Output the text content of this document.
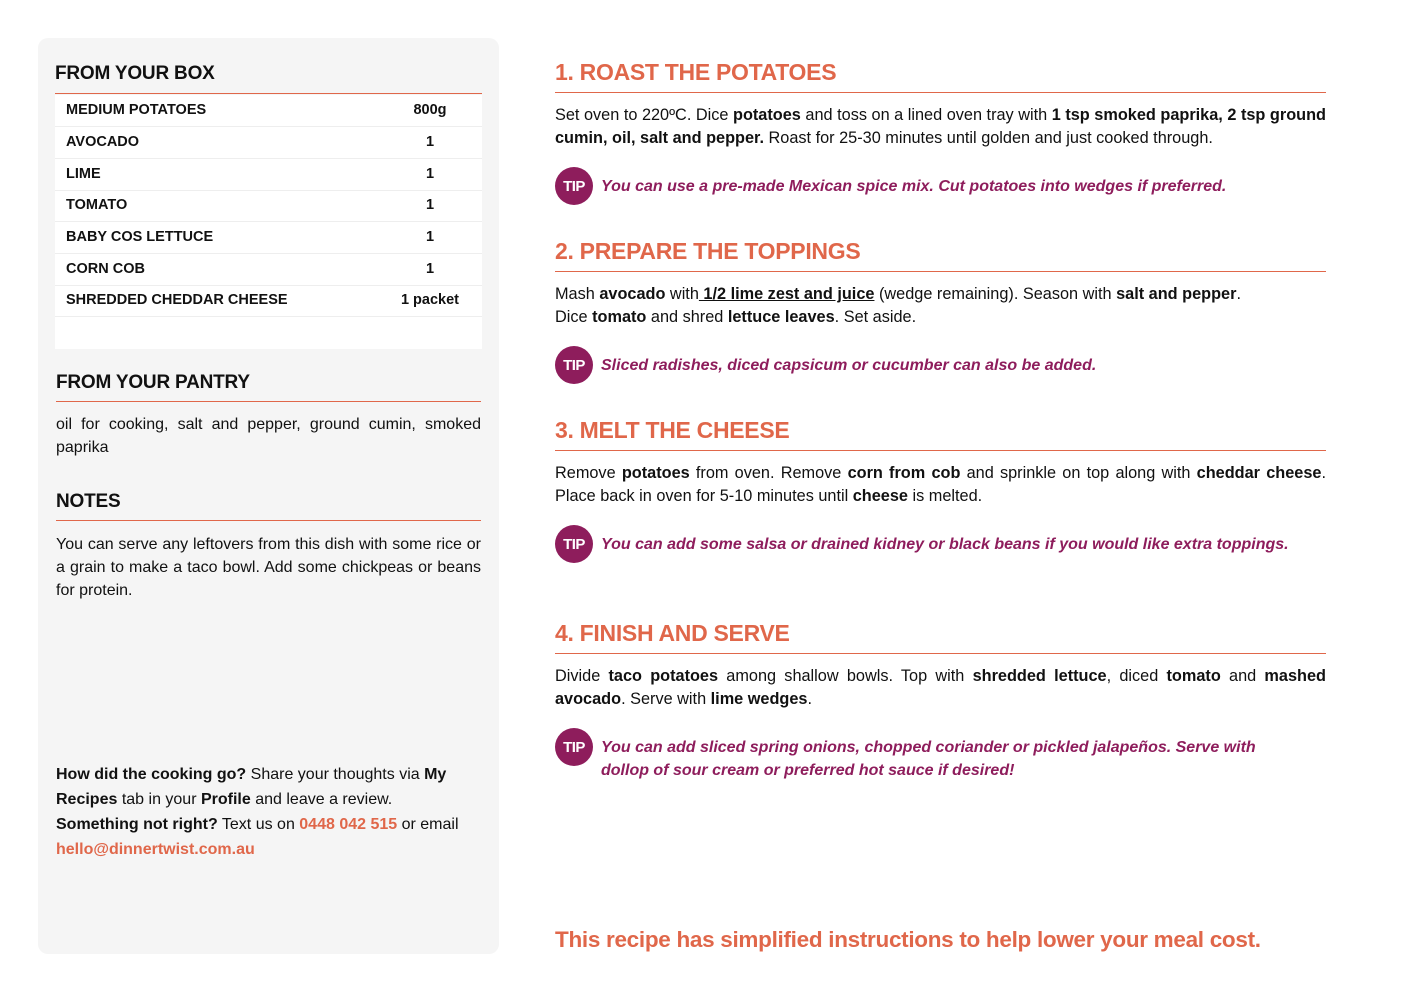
FROM YOUR BOX
MEDIUM POTATOES	800g
AVOCADO	1
LIME	1
TOMATO	1
BABY COS LETTUCE	1
CORN COB	1
SHREDDED CHEDDAR CHEESE	1 packet
FROM YOUR PANTRY
oil for cooking, salt and pepper, ground cumin, smoked paprika
NOTES
You can serve any leftovers from this dish with some rice or a grain to make a taco bowl. Add some chickpeas or beans for protein.
How did the cooking go? Share your thoughts via My Recipes tab in your Profile and leave a review.
Something not right? Text us on 0448 042 515 or email hello@dinnertwist.com.au
1. ROAST THE POTATOES
Set oven to 220ºC. Dice potatoes and toss on a lined oven tray with 1 tsp smoked paprika, 2 tsp ground cumin, oil, salt and pepper. Roast for 25-30 minutes until golden and just cooked through.
TIP	You can use a pre-made Mexican spice mix. Cut potatoes into wedges if preferred.
2. PREPARE THE TOPPINGS
Mash avocado with 1/2 lime zest and juice (wedge remaining). Season with salt and pepper.
Dice tomato and shred lettuce leaves. Set aside.
TIP	Sliced radishes, diced capsicum or cucumber can also be added.
3. MELT THE CHEESE
Remove potatoes from oven. Remove corn from cob and sprinkle on top along with cheddar cheese. Place back in oven for 5-10 minutes until cheese is melted.
TIP	You can add some salsa or drained kidney or black beans if you would like extra toppings.
4. FINISH AND SERVE
Divide taco potatoes among shallow bowls. Top with shredded lettuce, diced tomato and mashed avocado. Serve with lime wedges.
TIP	You can add sliced spring onions, chopped coriander or pickled jalapeños. Serve with dollop of sour cream or preferred hot sauce if desired!
This recipe has simplified instructions to help lower your meal cost.
